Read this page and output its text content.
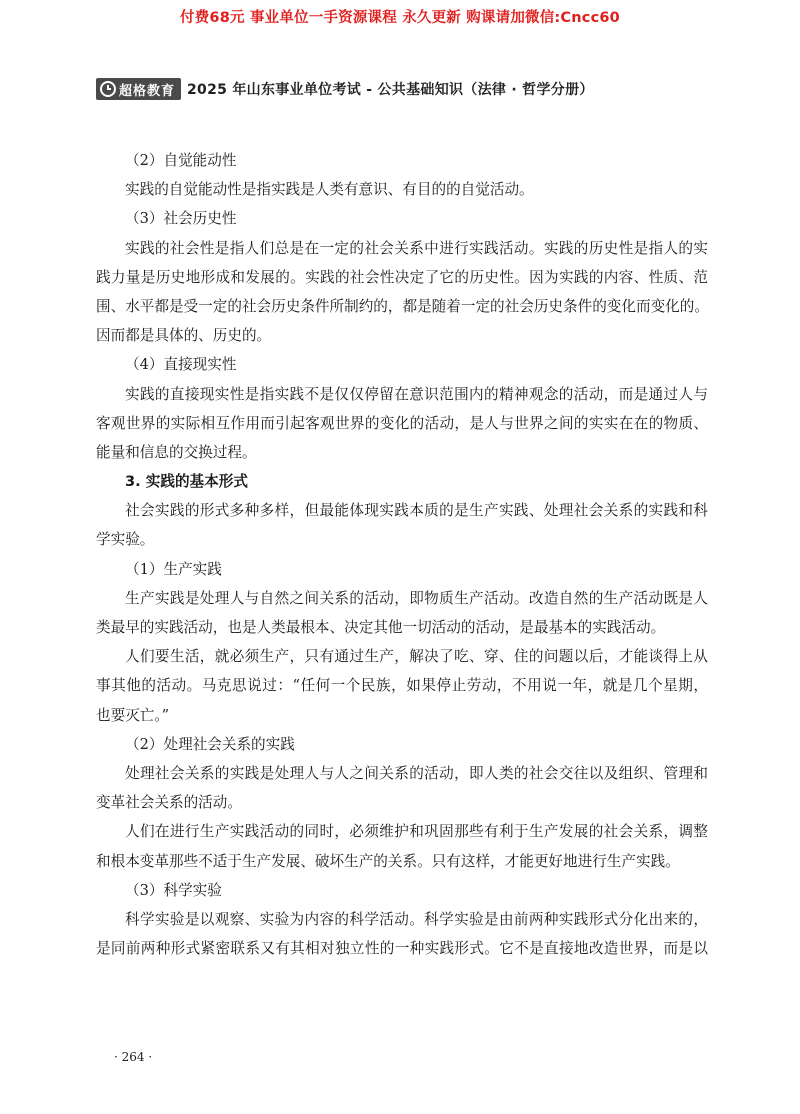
付费68元 事业单位一手资源课程 永久更新 购课请加微信:Cncc60
超格教育 2025 年山东事业单位考试 - 公共基础知识（法律 · 哲学分册）
（2）自觉能动性
实践的自觉能动性是指实践是人类有意识、有目的的自觉活动。
（3）社会历史性
实践的社会性是指人们总是在一定的社会关系中进行实践活动。实践的历史性是指人的实
践力量是历史地形成和发展的。实践的社会性决定了它的历史性。因为实践的内容、性质、范
围、水平都是受一定的社会历史条件所制约的，都是随着一定的社会历史条件的变化而变化的。
因而都是具体的、历史的。
（4）直接现实性
实践的直接现实性是指实践不是仅仅停留在意识范围内的精神观念的活动，而是通过人与
客观世界的实际相互作用而引起客观世界的变化的活动，是人与世界之间的实实在在的物质、
能量和信息的交换过程。
3. 实践的基本形式
社会实践的形式多种多样，但最能体现实践本质的是生产实践、处理社会关系的实践和科
学实验。
（1）生产实践
生产实践是处理人与自然之间关系的活动，即物质生产活动。改造自然的生产活动既是人
类最早的实践活动，也是人类最根本、决定其他一切活动的活动，是最基本的实践活动。
人们要生活，就必须生产，只有通过生产，解决了吃、穿、住的问题以后，才能谈得上从
事其他的活动。马克思说过：“任何一个民族，如果停止劳动，不用说一年，就是几个星期，
也要灭亡。”
（2）处理社会关系的实践
处理社会关系的实践是处理人与人之间关系的活动，即人类的社会交往以及组织、管理和
变革社会关系的活动。
人们在进行生产实践活动的同时，必须维护和巩固那些有利于生产发展的社会关系，调整
和根本变革那些不适于生产发展、破坏生产的关系。只有这样，才能更好地进行生产实践。
（3）科学实验
科学实验是以观察、实验为内容的科学活动。科学实验是由前两种实践形式分化出来的，
是同前两种形式紧密联系又有其相对独立性的一种实践形式。它不是直接地改造世界，而是以
· 264 ·
